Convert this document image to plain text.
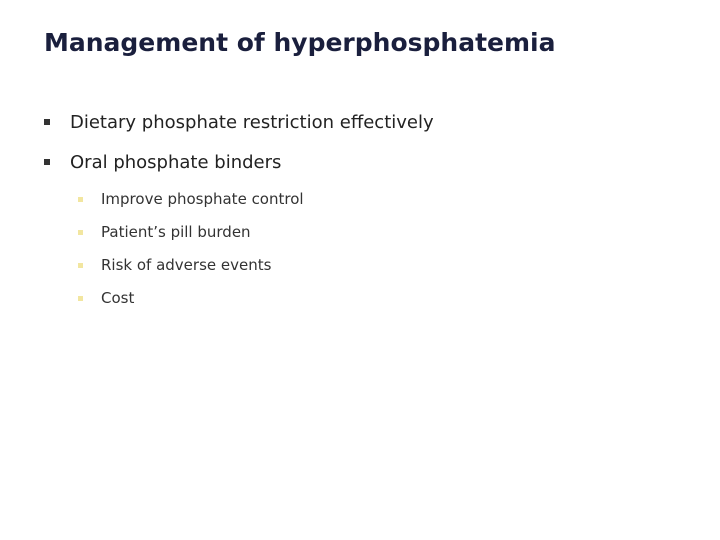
Management of hyperphosphatemia
Dietary phosphate restriction effectively
Oral phosphate binders
Improve phosphate control
Patient’s pill burden
Risk of adverse events
Cost
